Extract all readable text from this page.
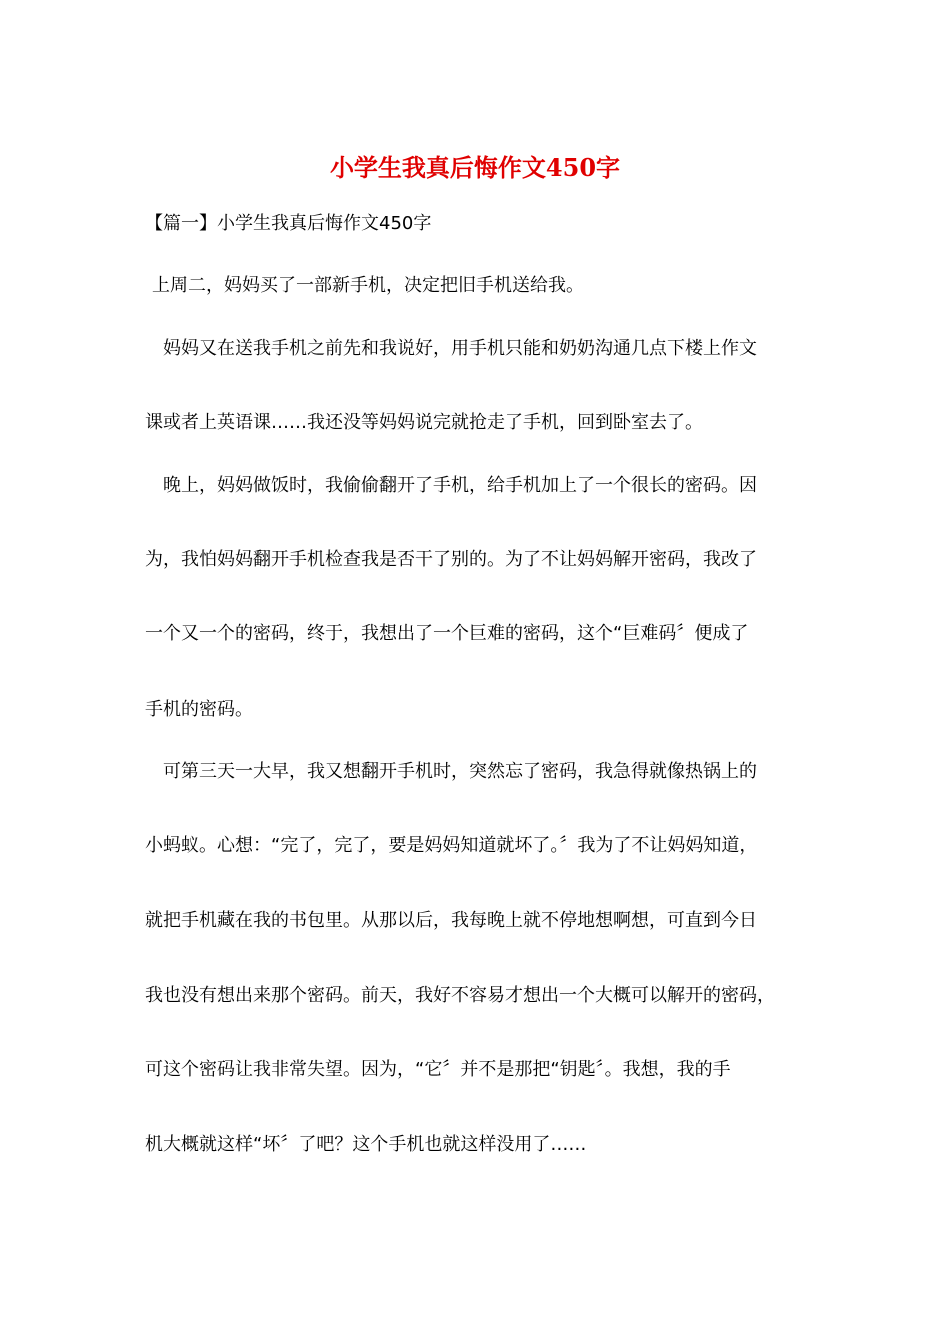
小学生我真后悔作文450字

【篇一】小学生我真后悔作文450字

上周二，妈妈买了一部新手机，决定把旧手机送给我。

妈妈又在送我手机之前先和我说好，用手机只能和奶奶沟通几点下楼上作文

课或者上英语课……我还没等妈妈说完就抢走了手机，回到卧室去了。

晚上，妈妈做饭时，我偷偷翻开了手机，给手机加上了一个很长的密码。因

为，我怕妈妈翻开手机检查我是否干了别的。为了不让妈妈解开密码，我改了

一个又一个的密码，终于，我想出了一个巨难的密码，这个“巨难码〞便成了

手机的密码。

可第三天一大早，我又想翻开手机时，突然忘了密码，我急得就像热锅上的

小蚂蚁。心想：“完了，完了，要是妈妈知道就坏了。〞我为了不让妈妈知道，

就把手机藏在我的书包里。从那以后，我每晚上就不停地想啊想，可直到今日

我也没有想出来那个密码。前天，我好不容易才想出一个大概可以解开的密码，

可这个密码让我非常失望。因为，“它〞并不是那把“钥匙〞。我想，我的手

机大概就这样“坏〞了吧？这个手机也就这样没用了……
